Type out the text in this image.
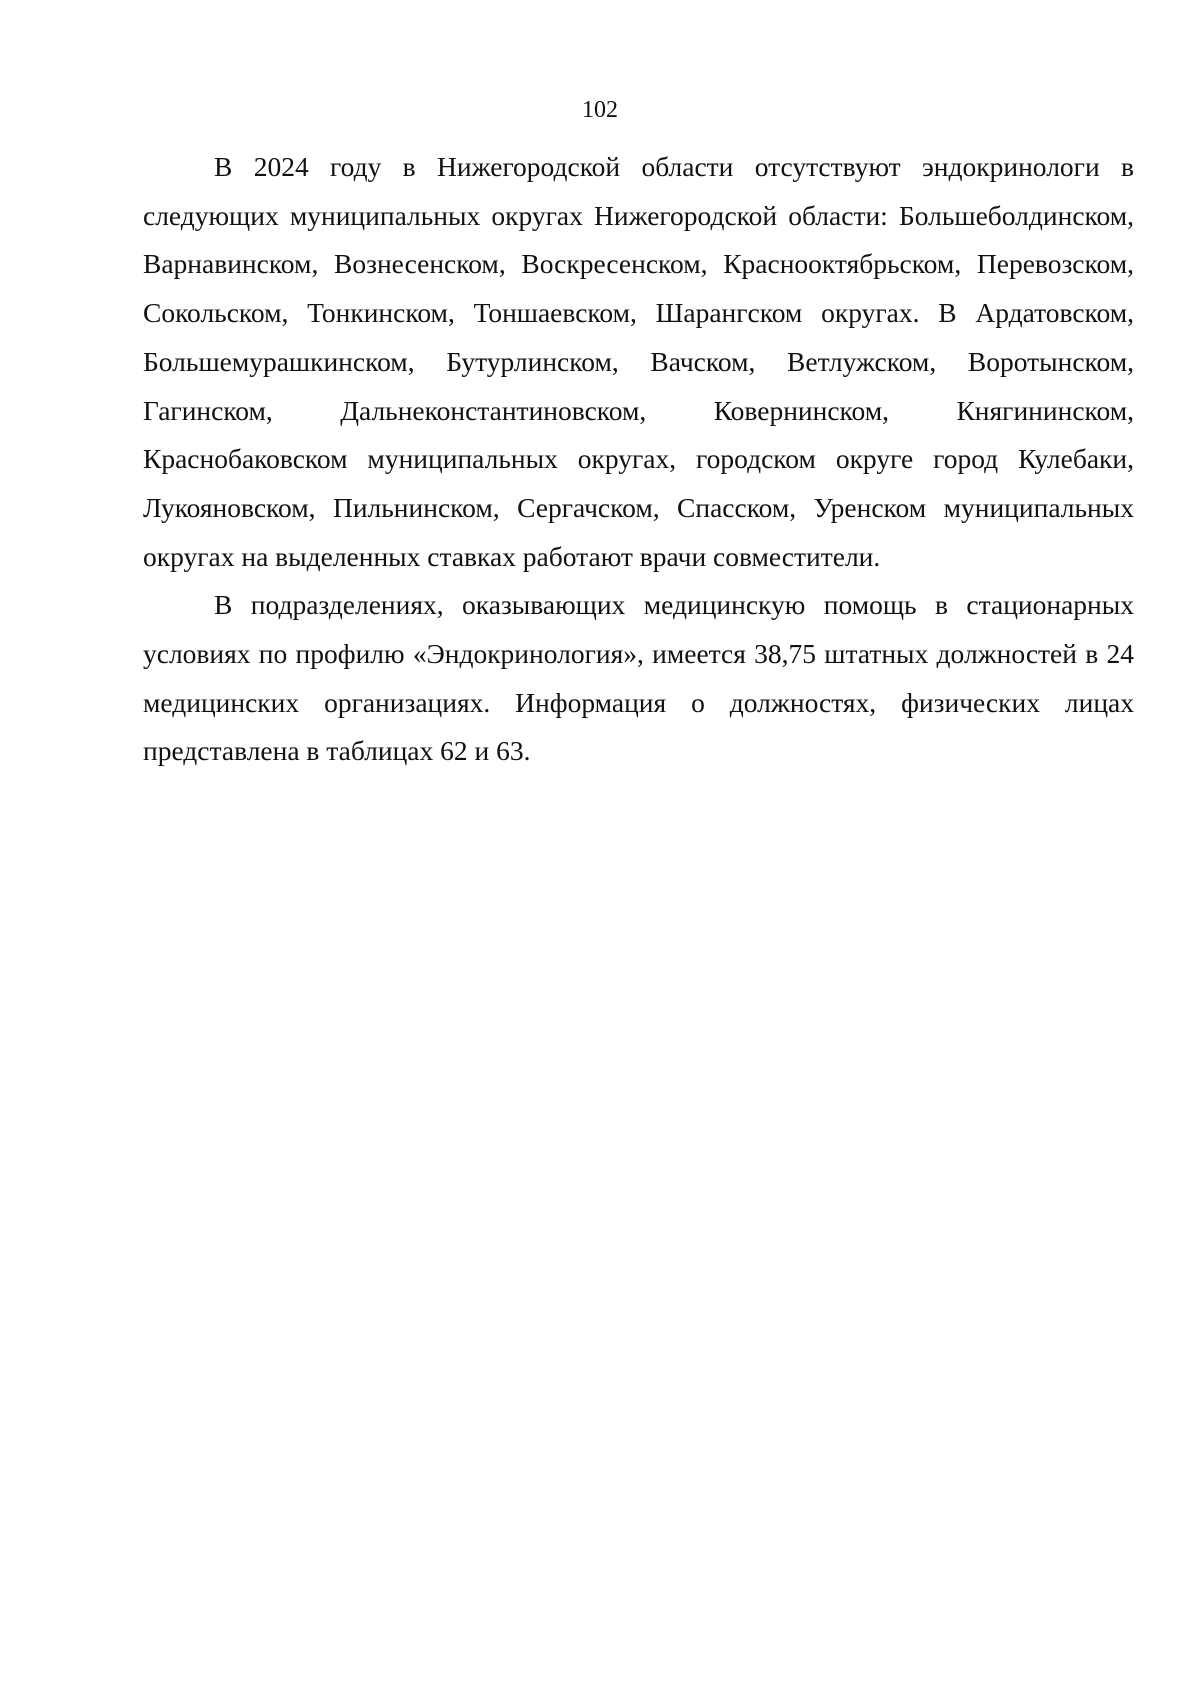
102

В 2024 году в Нижегородской области отсутствуют эндокринологи в следующих муниципальных округах Нижегородской области: Большеболдинском, Варнавинском, Вознесенском, Воскресенском, Краснооктябрьском, Перевозском, Сокольском, Тонкинском, Тоншаевском, Шарангском округах. В Ардатовском, Большемурашкинском, Бутурлинском, Вачском, Ветлужском, Воротынском, Гагинском, Дальнеконстантиновском, Ковернинском, Княгининском, Краснобаковском муниципальных округах, городском округе город Кулебаки, Лукояновском, Пильнинском, Сергачском, Спасском, Уренском муниципальных округах на выделенных ставках работают врачи совместители.

В подразделениях, оказывающих медицинскую помощь в стационарных условиях по профилю «Эндокринология», имеется 38,75 штатных должностей в 24 медицинских организациях. Информация о должностях, физических лицах представлена в таблицах 62 и 63.
